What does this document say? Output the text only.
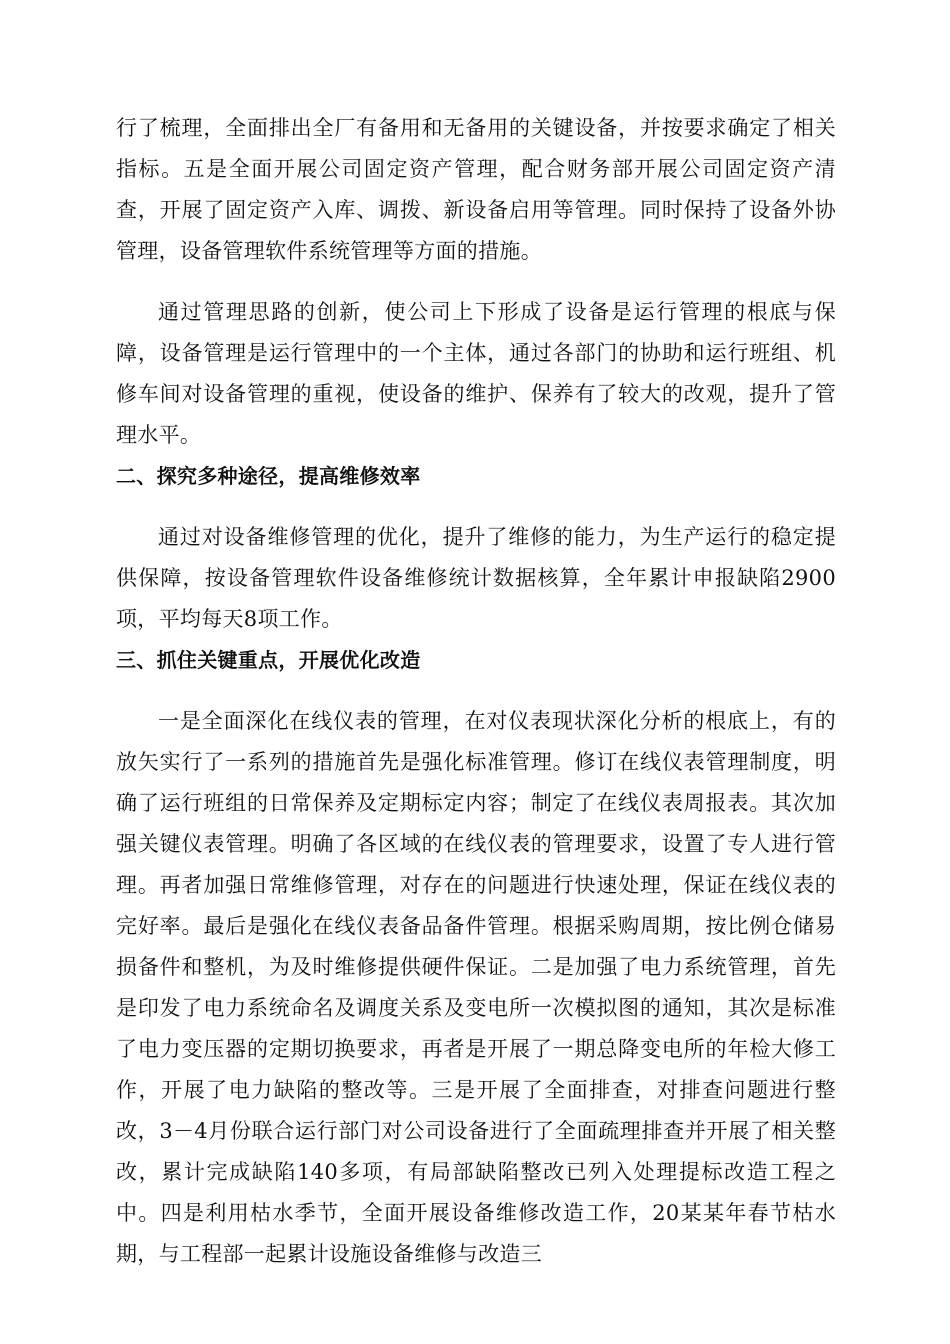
行了梳理，全面排出全厂有备用和无备用的关键设备，并按要求确定了相关指标。五是全面开展公司固定资产管理，配合财务部开展公司固定资产清查，开展了固定资产入库、调拨、新设备启用等管理。同时保持了设备外协管理，设备管理软件系统管理等方面的措施。

通过管理思路的创新，使公司上下形成了设备是运行管理的根底与保障，设备管理是运行管理中的一个主体，通过各部门的协助和运行班组、机修车间对设备管理的重视，使设备的维护、保养有了较大的改观，提升了管理水平。

二、探究多种途径，提高维修效率

通过对设备维修管理的优化，提升了维修的能力，为生产运行的稳定提供保障，按设备管理软件设备维修统计数据核算，全年累计申报缺陷2900项，平均每天8项工作。

三、抓住关键重点，开展优化改造

一是全面深化在线仪表的管理，在对仪表现状深化分析的根底上，有的放矢实行了一系列的措施首先是强化标准管理。修订在线仪表管理制度，明确了运行班组的日常保养及定期标定内容；制定了在线仪表周报表。其次加强关键仪表管理。明确了各区域的在线仪表的管理要求，设置了专人进行管理。再者加强日常维修管理，对存在的问题进行快速处理，保证在线仪表的完好率。最后是强化在线仪表备品备件管理。根据采购周期，按比例仓储易损备件和整机，为及时维修提供硬件保证。二是加强了电力系统管理，首先是印发了电力系统命名及调度关系及变电所一次模拟图的通知，其次是标准了电力变压器的定期切换要求，再者是开展了一期总降变电所的年检大修工作，开展了电力缺陷的整改等。三是开展了全面排查，对排查问题进行整改，3－4月份联合运行部门对公司设备进行了全面疏理排查并开展了相关整改，累计完成缺陷140多项，有局部缺陷整改已列入处理提标改造工程之中。四是利用枯水季节，全面开展设备维修改造工作，20某某年春节枯水期，与工程部一起累计设施设备维修与改造三
